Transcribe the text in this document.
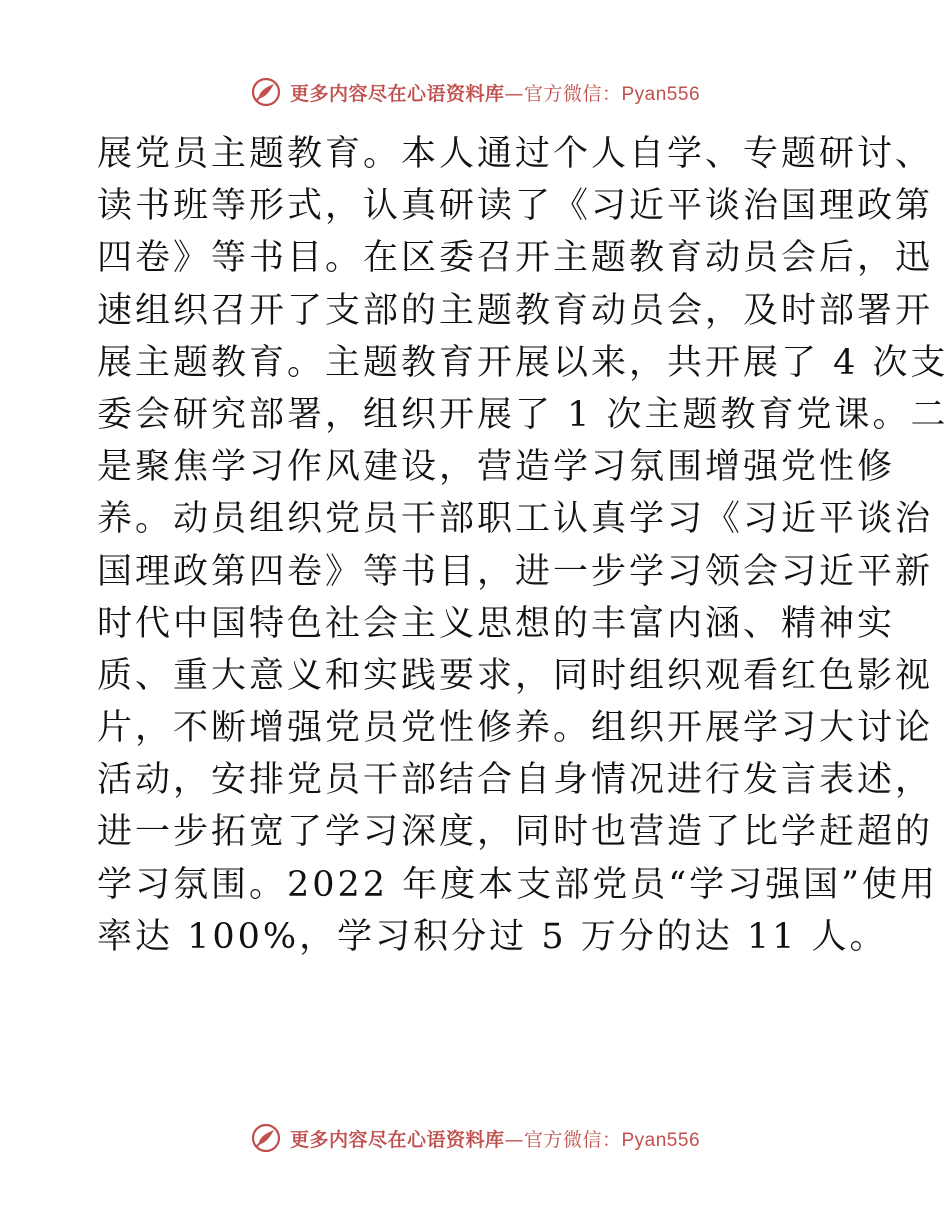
更多内容尽在心语资料库—官方微信：Pyan556
展党员主题教育。本人通过个人自学、专题研讨、
读书班等形式，认真研读了《习近平谈治国理政第
四卷》等书目。在区委召开主题教育动员会后，迅
速组织召开了支部的主题教育动员会，及时部署开
展主题教育。主题教育开展以来，共开展了 4 次支
委会研究部署，组织开展了 1 次主题教育党课。二
是聚焦学习作风建设，营造学习氛围增强党性修
养。动员组织党员干部职工认真学习《习近平谈治
国理政第四卷》等书目，进一步学习领会习近平新
时代中国特色社会主义思想的丰富内涵、精神实
质、重大意义和实践要求，同时组织观看红色影视
片，不断增强党员党性修养。组织开展学习大讨论
活动，安排党员干部结合自身情况进行发言表述，
进一步拓宽了学习深度，同时也营造了比学赶超的
学习氛围。2022 年度本支部党员“学习强国”使用
率达 100%，学习积分过 5 万分的达 11 人。
更多内容尽在心语资料库—官方微信：Pyan556
